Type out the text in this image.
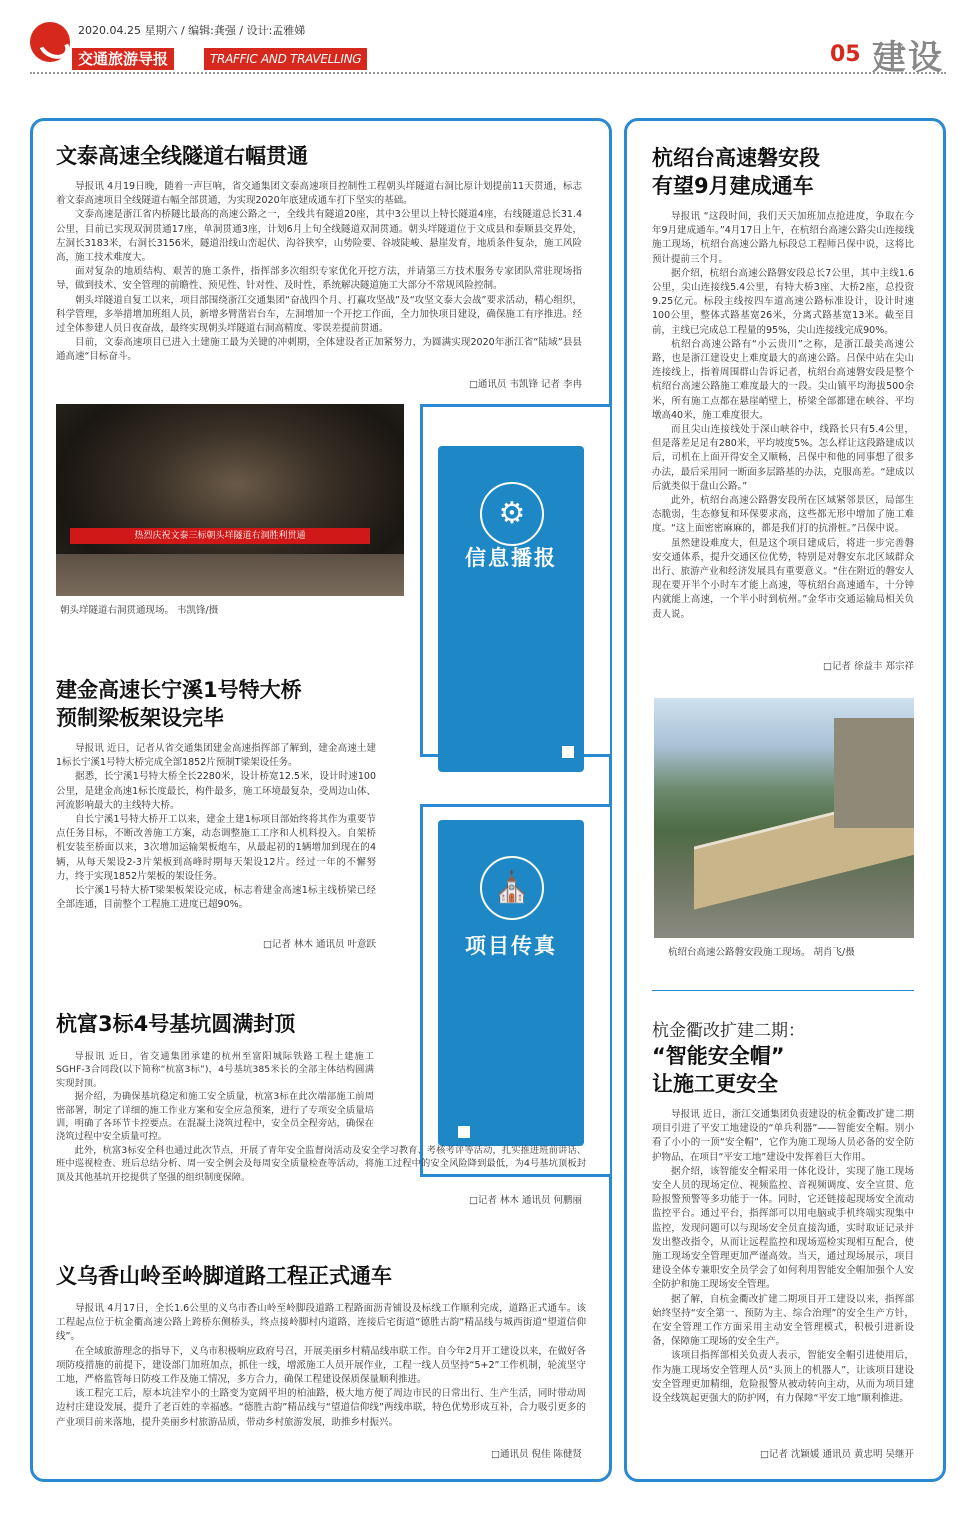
2020.04.25 星期六 / 编辑:龚强 / 设计:孟雅娣
交通旅游导报	TRAFFIC AND TRAVELLING	05 建设
⚙
信息播报
⛪
项目传真
文泰高速全线隧道右幅贯通

导报讯 4月19日晚，随着一声巨响，省交通集团文泰高速项目控制性工程朝头垟隧道右洞比原计划提前11天贯通，标志着文泰高速项目全线隧道右幅全部贯通，为实现2020年底建成通车打下坚实的基础。

文泰高速是浙江省内桥隧比最高的高速公路之一，全线共有隧道20座，其中3公里以上特长隧道4座，右线隧道总长31.4公里，目前已实现双洞贯通17座，单洞贯通3座，计划6月上旬全线隧道双洞贯通。朝头垟隧道位于文成县和泰顺县交界处，左洞长3183米，右洞长3156米，隧道沿线山峦起伏、沟谷狭窄，山势险要、谷坡陡峻、悬崖发育，地质条件复杂，施工风险高，施工技术难度大。

面对复杂的地质结构、艰苦的施工条件，指挥部多次组织专家优化开挖方法，并请第三方技术服务专家团队常驻现场指导，做到技术、安全管理的前瞻性、预见性、针对性、及时性，系统解决隧道施工大部分不常规风险控制。

朝头垟隧道自复工以来，项目部围绕浙江交通集团“奋战四个月、打赢攻坚战”及“攻坚文泰大会战”要求活动，精心组织，科学管理，多举措增加班组人员，新增多臂凿岩台车，左洞增加一个开挖工作面，全力加快项目建设，确保施工有序推进。经过全体参建人员日夜奋战，最终实现朝头垟隧道右洞高精度、零误差提前贯通。

目前，文泰高速项目已进入土建施工最为关键的冲刺期，全体建设者正加紧努力，为圆满实现2020年浙江省“陆域”县县通高速“目标奋斗。

□通讯员 韦凯锋 记者 李冉
热烈庆祝文泰三标朝头垟隧道右洞胜利贯通
朝头垟隧道右洞贯通现场。 韦凯锋/摄
建金高速长宁溪1号特大桥
预制梁板架设完毕

导报讯 近日，记者从省交通集团建金高速指挥部了解到，建金高速土建1标长宁溪1号特大桥完成全部1852片预制T梁架设任务。

据悉，长宁溪1号特大桥全长2280米，设计桥宽12.5米，设计时速100公里，是建金高速1标长度最长，构件最多，施工环境最复杂，受周边山体、河流影响最大的主线特大桥。

自长宁溪1号特大桥开工以来，建金土建1标项目部始终将其作为重要节点任务目标，不断改善施工方案，动态调整施工工序和人机料投入。自架桥机安装至桥面以来，3次增加运输架板炮车，从最起初的1辆增加到现在的4辆，从每天架设2-3片架板到高峰时期每天架设12片。经过一年的不懈努力，终于实现1852片架板的架设任务。

长宁溪1号特大桥T梁架板架设完成，标志着建金高速1标主线桥梁已经全部连通，目前整个工程施工进度已超90%。

□记者 林木 通讯员 叶意跃
杭富3标4号基坑圆满封顶

导报讯 近日，省交通集团承建的杭州至富阳城际铁路工程土建施工SGHF-3合同段(以下简称“杭富3标”)，4号基坑385米长的全部主体结构圆满实现封顶。

据介绍，为确保基坑稳定和施工安全质量，杭富3标在此次端部施工前周密部署，制定了详细的施工作业方案和安全应急预案，进行了专项安全质量培训，明确了各环节卡控要点。在混凝土浇筑过程中，安全员全程旁站，确保在浇筑过程中安全质量可控。

此外，杭富3标安全科也通过此次节点，开展了青年安全监督岗活动及安全学习教育、考核考评等活动，扎实推进班前讲话、班中巡视检查、班后总结分析、周一安全例会及每周安全质量检查等活动，将施工过程中的安全风险降到最低，为4号基坑顶板封顶及其他基坑开挖提供了坚强的组织制度保障。

□记者 林木 通讯员 何鹏丽
义乌香山岭至岭脚道路工程正式通车

导报讯 4月17日，全长1.6公里的义乌市香山岭至岭脚段道路工程路面沥青铺设及标线工作顺利完成，道路正式通车。该工程起点位于杭金衢高速公路上跨桥东侧桥头，终点接岭脚村内道路，连接后宅街道“德胜古韵”精品线与城西街道“望道信仰线”。

在全域旅游理念的指导下，义乌市积极响应政府号召，开展美丽乡村精品线串联工作。自今年2月开工建设以来，在做好各项防疫措施的前提下，建设部门加班加点，抓住一线，增派施工人员开展作业，工程一线人员坚持“5+2”工作机制，轮流坚守工地，严格监管每日防疫工作及施工情况，多方合力，确保工程建设保质保量顺利推进。

该工程完工后，原本坑洼窄小的土路变为宽阔平坦的柏油路，极大地方便了周边市民的日常出行、生产生活，同时带动周边村庄建设发展，提升了老百姓的幸福感。“德胜古韵”精品线与“望道信仰线”两线串联，特色优势形成互补，合力吸引更多的产业项目前来落地，提升美丽乡村旅游品质，带动乡村旅游发展，助推乡村振兴。

□通讯员 倪佳 陈健贤
杭绍台高速磐安段
有望9月建成通车

导报讯 “这段时间，我们天天加班加点抢进度，争取在今年9月建成通车。”4月17日上午，在杭绍台高速公路尖山连接线施工现场，杭绍台高速公路九标段总工程师吕保中说，这将比预计提前三个月。

据介绍，杭绍台高速公路磐安段总长7公里，其中主线1.6公里，尖山连接线5.4公里，有特大桥3座、大桥2座，总投资9.25亿元。标段主线按四车道高速公路标准设计，设计时速100公里，整体式路基宽26米，分离式路基宽13米。截至目前，主线已完成总工程量的95%，尖山连接线完成90%。

杭绍台高速公路有“小云贵川”之称，是浙江最美高速公路，也是浙江建设史上难度最大的高速公路。吕保中站在尖山连接线上，指着周围群山告诉记者，杭绍台高速磐安段是整个杭绍台高速公路施工难度最大的一段。尖山镇平均海拔500余米，所有施工点都在悬崖峭壁上，桥梁全部都建在峡谷、平均墩高40米，施工难度很大。

而且尖山连接线处于深山峡谷中，线路长只有5.4公里，但是落差足足有280米，平均坡度5%。怎么样让这段路建成以后，司机在上面开得安全又顺畅，吕保中和他的同事想了很多办法，最后采用同一断面多层路基的办法，克服高差。“建成以后就类似于盘山公路。”

此外，杭绍台高速公路磐安段所在区域紧邻景区，局部生态脆弱，生态修复和环保要求高，这些都无形中增加了施工难度。“这上面密密麻麻的，都是我们打的抗滑桩。”吕保中说。

虽然建设难度大，但是这个项目建成后，将进一步完善磐安交通体系，提升交通区位优势，特别是对磐安东北区域群众出行、旅游产业和经济发展具有重要意义。“住在附近的磐安人现在要开半个小时车才能上高速，等杭绍台高速通车，十分钟内就能上高速，一个半小时到杭州。”金华市交通运输局相关负责人说。

□记者 徐益丰 郑宗祥
杭绍台高速公路磐安段施工现场。 胡肖飞/摄
杭金衢改扩建二期：
“智能安全帽”
让施工更安全

导报讯 近日，浙江交通集团负责建设的杭金衢改扩建二期项目引进了平安工地建设的“单兵利器”——智能安全帽。别小看了小小的一顶“安全帽”，它作为施工现场人员必备的安全防护物品，在项目“平安工地”建设中发挥着巨大作用。

据介绍，该智能安全帽采用一体化设计，实现了施工现场安全人员的现场定位、视频监控、音视频调度、安全宣贯、危险报警预警等多功能于一体。同时，它还链接起现场安全流动监控平台。通过平台，指挥部可以用电脑或手机终端实现集中监控，发现问题可以与现场安全员直接沟通，实时取证记录并发出整改指令，从而让远程监控和现场巡检实现相互配合，使施工现场安全管理更加严谨高效。当天，通过现场展示，项目建设全体专兼职安全员学会了如何利用智能安全帽加强个人安全防护和施工现场安全管理。

据了解，自杭金衢改扩建二期项目开工建设以来，指挥部始终坚持“安全第一、预防为主、综合治理”的安全生产方针，在安全管理工作方面采用主动安全管理模式，积极引进新设备，保障施工现场的安全生产。

该项目指挥部相关负责人表示，智能安全帽引进使用后，作为施工现场安全管理人员“头顶上的机器人”，让该项目建设安全管理更加精细，危险报警从被动转向主动，从而为项目建设全线筑起更强大的防护网，有力保障“平安工地”顺利推进。

□记者 沈颖媛 通讯员 黄忠明 吴继开
